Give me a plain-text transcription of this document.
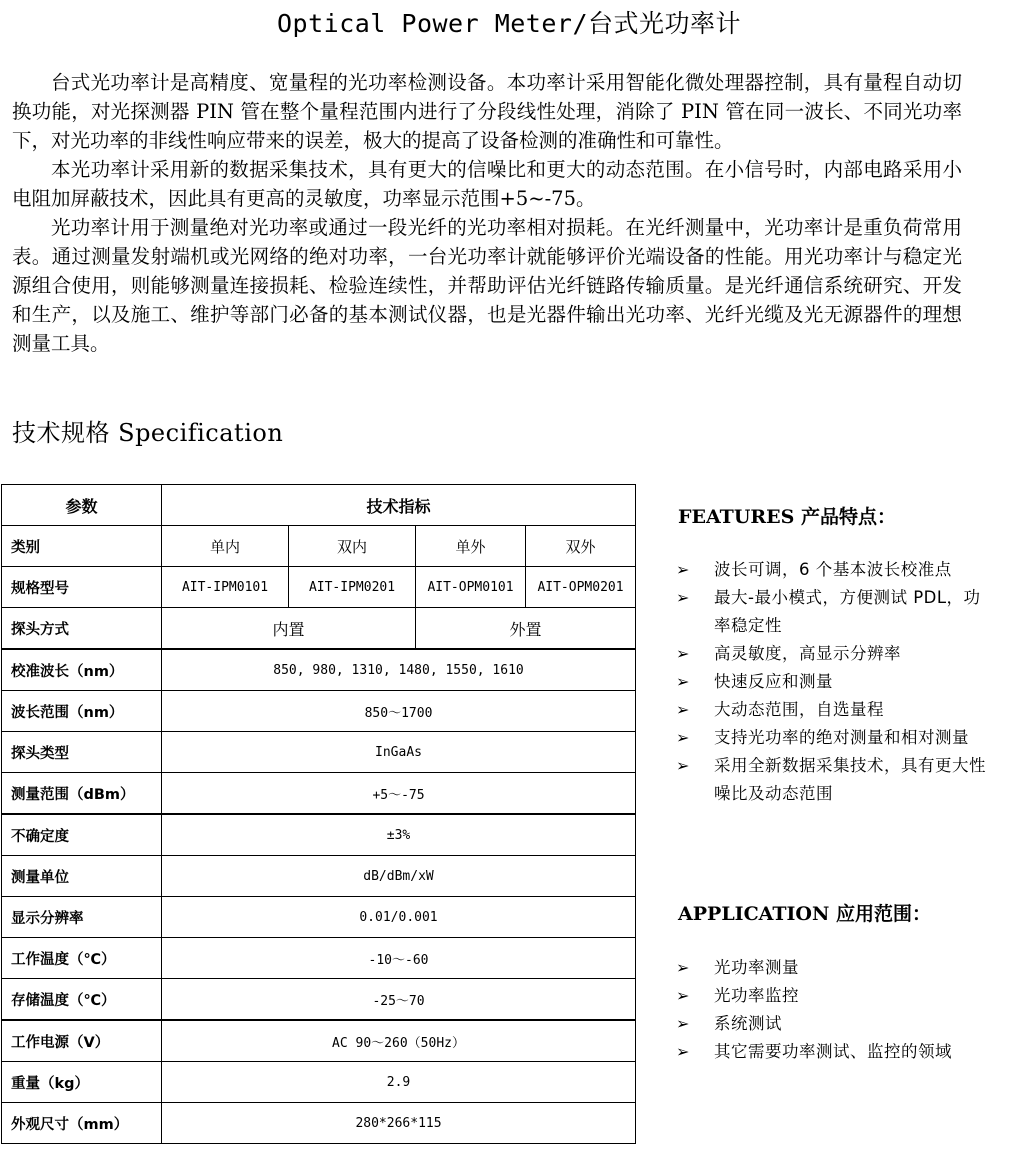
Optical Power Meter/台式光功率计

台式光功率计是高精度、宽量程的光功率检测设备。本功率计采用智能化微处理器控制，具有量程自动切换功能，对光探测器 PIN 管在整个量程范围内进行了分段线性处理，消除了 PIN 管在同一波长、不同光功率下，对光功率的非线性响应带来的误差，极大的提高了设备检测的准确性和可靠性。

本光功率计采用新的数据采集技术，具有更大的信噪比和更大的动态范围。在小信号时，内部电路采用小电阻加屏蔽技术，因此具有更高的灵敏度，功率显示范围+5~-75。

光功率计用于测量绝对光功率或通过一段光纤的光功率相对损耗。在光纤测量中，光功率计是重负荷常用表。通过测量发射端机或光网络的绝对功率，一台光功率计就能够评价光端设备的性能。用光功率计与稳定光源组合使用，则能够测量连接损耗、检验连续性，并帮助评估光纤链路传输质量。是光纤通信系统研究、开发和生产，以及施工、维护等部门必备的基本测试仪器，也是光器件输出光功率、光纤光缆及光无源器件的理想测量工具。

技术规格 Specification
参数	技术指标			
类别	单内	双内	单外	双外
规格型号	AIT-IPM0101	AIT-IPM0201	AIT-OPM0101	AIT-OPM0201
探头方式	内置		外置	
校准波长（nm）	850, 980, 1310, 1480, 1550, 1610			
波长范围（nm）	850～1700			
探头类型	InGaAs			
测量范围（dBm）	+5～-75			
不确定度	±3%			
测量单位	dB/dBm/xW			
显示分辨率	0.01/0.001			
工作温度（℃）	-10～-60			
存储温度（℃）	-25～70			
工作电源（V）	AC 90～260（50Hz）			
重量（kg）	2.9			
外观尺寸（mm）	280*266*115			
FEATURES 产品特点：
➢ 波长可调，6 个基本波长校准点
➢ 最大-最小模式，方便测试 PDL，功率稳定性
➢ 高灵敏度，高显示分辨率
➢ 快速反应和测量
➢ 大动态范围，自选量程
➢ 支持光功率的绝对测量和相对测量
➢ 采用全新数据采集技术，具有更大性噪比及动态范围
APPLICATION 应用范围：
➢ 光功率测量
➢ 光功率监控
➢ 系统测试
➢ 其它需要功率测试、监控的领域
